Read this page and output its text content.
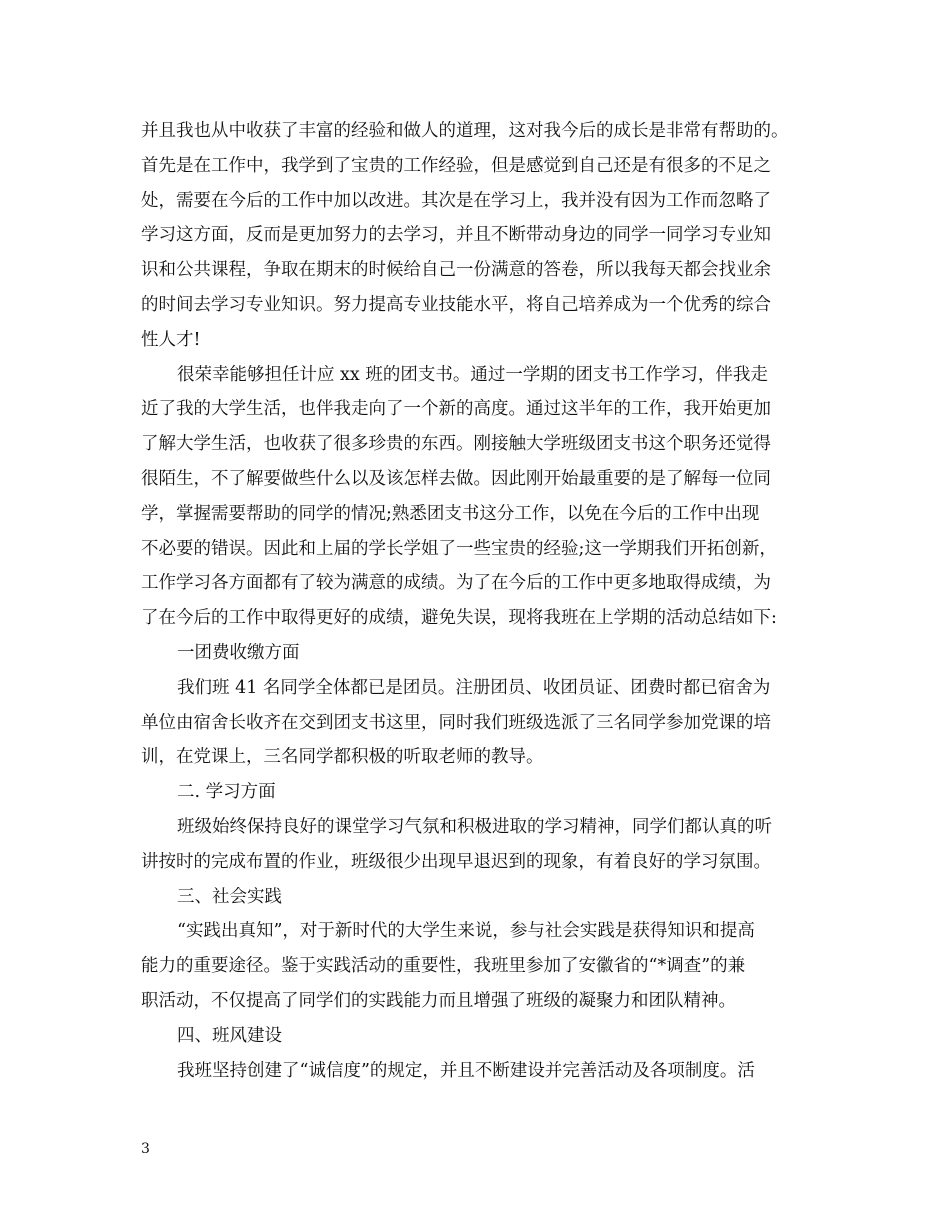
并且我也从中收获了丰富的经验和做人的道理，这对我今后的成长是非常有帮助的。
首先是在工作中，我学到了宝贵的工作经验，但是感觉到自己还是有很多的不足之
处，需要在今后的工作中加以改进。其次是在学习上，我并没有因为工作而忽略了
学习这方面，反而是更加努力的去学习，并且不断带动身边的同学一同学习专业知
识和公共课程，争取在期末的时候给自己一份满意的答卷，所以我每天都会找业余
的时间去学习专业知识。努力提高专业技能水平，将自己培养成为一个优秀的综合
性人才!
很荣幸能够担任计应 xx 班的团支书。通过一学期的团支书工作学习，伴我走
近了我的大学生活，也伴我走向了一个新的高度。通过这半年的工作，我开始更加
了解大学生活，也收获了很多珍贵的东西。刚接触大学班级团支书这个职务还觉得
很陌生，不了解要做些什么以及该怎样去做。因此刚开始最重要的是了解每一位同
学，掌握需要帮助的同学的情况;熟悉团支书这分工作，以免在今后的工作中出现
不必要的错误。因此和上届的学长学姐了一些宝贵的经验;这一学期我们开拓创新，
工作学习各方面都有了较为满意的成绩。为了在今后的工作中更多地取得成绩，为
了在今后的工作中取得更好的成绩，避免失误，现将我班在上学期的活动总结如下:
一团费收缴方面
我们班 41 名同学全体都已是团员。注册团员、收团员证、团费时都已宿舍为
单位由宿舍长收齐在交到团支书这里，同时我们班级选派了三名同学参加党课的培
训，在党课上，三名同学都积极的听取老师的教导。
二. 学习方面
班级始终保持良好的课堂学习气氛和积极进取的学习精神，同学们都认真的听
讲按时的完成布置的作业，班级很少出现早退迟到的现象，有着良好的学习氛围。
三、社会实践
“实践出真知”，对于新时代的大学生来说，参与社会实践是获得知识和提高
能力的重要途径。鉴于实践活动的重要性，我班里参加了安徽省的“*调查”的兼
职活动，不仅提高了同学们的实践能力而且增强了班级的凝聚力和团队精神。
四、班风建设
我班坚持创建了“诚信度”的规定，并且不断建设并完善活动及各项制度。活
3
